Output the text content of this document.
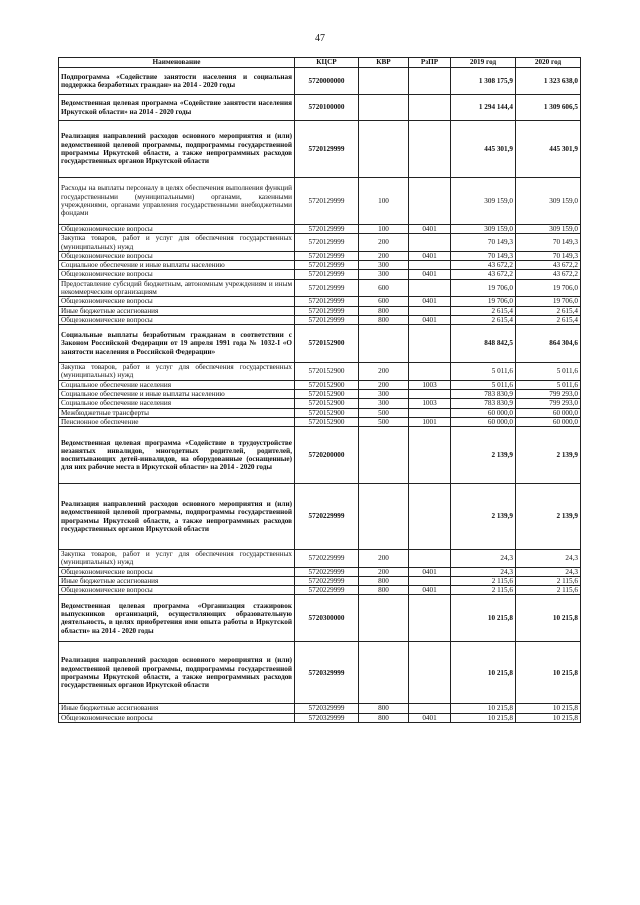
47
Наименование	КЦСР	КВР	РзПР	2019 год	2020 год
Подпрограмма «Содействие занятости населения и социальная поддержка безработных граждан» на 2014 - 2020 годы	5720000000			1 308 175,9	1 323 638,0
Ведомственная целевая программа «Содействие занятости населения Иркутской области» на 2014 - 2020 годы	5720100000			1 294 144,4	1 309 606,5
Реализация направлений расходов основного мероприятия и (или) ведомственной целевой программы, подпрограммы государственной программы Иркутской области, а также непрограммных расходов государственных органов Иркутской области	5720129999			445 301,9	445 301,9
Расходы на выплаты персоналу в целях обеспечения выполнения функций государственными (муниципальными) органами, казенными учреждениями, органами управления государственными внебюджетными фондами	5720129999	100		309 159,0	309 159,0
Общеэкономические вопросы	5720129999	100	0401	309 159,0	309 159,0
Закупка товаров, работ и услуг для обеспечения государственных (муниципальных) нужд	5720129999	200		70 149,3	70 149,3
Общеэкономические вопросы	5720129999	200	0401	70 149,3	70 149,3
Социальное обеспечение и иные выплаты населению	5720129999	300		43 672,2	43 672,2
Общеэкономические вопросы	5720129999	300	0401	43 672,2	43 672,2
Предоставление субсидий бюджетным, автономным учреждениям и иным некоммерческим организациям	5720129999	600		19 706,0	19 706,0
Общеэкономические вопросы	5720129999	600	0401	19 706,0	19 706,0
Иные бюджетные ассигнования	5720129999	800		2 615,4	2 615,4
Общеэкономические вопросы	5720129999	800	0401	2 615,4	2 615,4
Социальные выплаты безработным гражданам в соответствии с Законом Российской Федерации от 19 апреля 1991 года № 1032-I «О занятости населения в Российской Федерации»	5720152900			848 842,5	864 304,6
Закупка товаров, работ и услуг для обеспечения государственных (муниципальных) нужд	5720152900	200		5 011,6	5 011,6
Социальное обеспечение населения	5720152900	200	1003	5 011,6	5 011,6
Социальное обеспечение и иные выплаты населению	5720152900	300		783 830,9	799 293,0
Социальное обеспечение населения	5720152900	300	1003	783 830,9	799 293,0
Межбюджетные трансферты	5720152900	500		60 000,0	60 000,0
Пенсионное обеспечение	5720152900	500	1001	60 000,0	60 000,0
Ведомственная целевая программа «Содействие в трудоустройстве незанятых инвалидов, многодетных родителей, родителей, воспитывающих детей-инвалидов, на оборудованные (оснащенные) для них рабочие места в Иркутской области» на 2014 - 2020 годы	5720200000			2 139,9	2 139,9
Реализация направлений расходов основного мероприятия и (или) ведомственной целевой программы, подпрограммы государственной программы Иркутской области, а также непрограммных расходов государственных органов Иркутской области	5720229999			2 139,9	2 139,9
Закупка товаров, работ и услуг для обеспечения государственных (муниципальных) нужд	5720229999	200		24,3	24,3
Общеэкономические вопросы	5720229999	200	0401	24,3	24,3
Иные бюджетные ассигнования	5720229999	800		2 115,6	2 115,6
Общеэкономические вопросы	5720229999	800	0401	2 115,6	2 115,6
Ведомственная целевая программа «Организация стажировок выпускников организаций, осуществляющих образовательную деятельность, в целях приобретения ими опыта работы в Иркутской области» на 2014 - 2020 годы	5720300000			10 215,8	10 215,8
Реализация направлений расходов основного мероприятия и (или) ведомственной целевой программы, подпрограммы государственной программы Иркутской области, а также непрограммных расходов государственных органов Иркутской области	5720329999			10 215,8	10 215,8
Иные бюджетные ассигнования	5720329999	800		10 215,8	10 215,8
Общеэкономические вопросы	5720329999	800	0401	10 215,8	10 215,8
